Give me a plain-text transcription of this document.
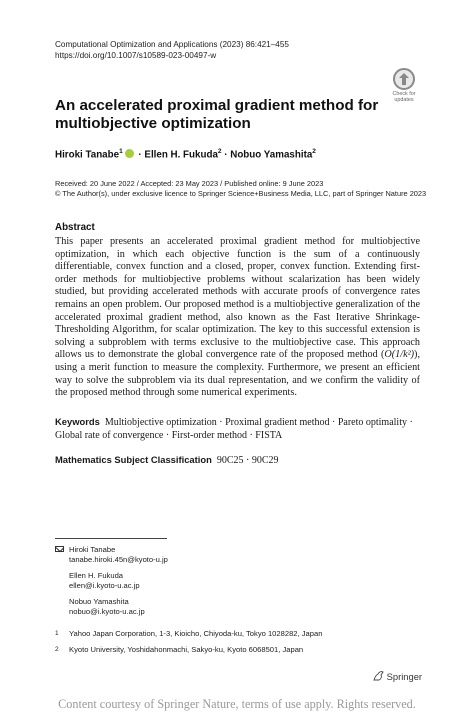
Computational Optimization and Applications (2023) 86:421–455
https://doi.org/10.1007/s10589-023-00497-w
Check for
updates
An accelerated proximal gradient method for multiobjective optimization
Hiroki Tanabe$^1$ · Ellen H. Fukuda$^2$ · Nobuo Yamashita$^2$
Received: 20 June 2022 / Accepted: 23 May 2023 / Published online: 9 June 2023
© The Author(s), under exclusive licence to Springer Science+Business Media, LLC, part of Springer Nature 2023
Abstract
This paper presents an accelerated proximal gradient method for multiobjective optimization, in which each objective function is the sum of a continuously differentiable, convex function and a closed, proper, convex function. Extending first-order methods for multiobjective problems without scalarization has been widely studied, but providing accelerated methods with accurate proofs of convergence rates remains an open problem. Our proposed method is a multiobjective generalization of the accelerated proximal gradient method, also known as the Fast Iterative Shrinkage-Thresholding Algorithm, for scalar optimization. The key to this successful extension is solving a subproblem with terms exclusive to the multiobjective case. This approach allows us to demonstrate the global convergence rate of the proposed method (O(1/k²)), using a merit function to measure the complexity. Furthermore, we present an efficient way to solve the subproblem via its dual representation, and we confirm the validity of the proposed method through some numerical experiments.
Keywords Multiobjective optimization · Proximal gradient method · Pareto optimality · Global rate of convergence · First-order method · FISTA
Mathematics Subject Classification 90C25 · 90C29
Hiroki Tanabe
tanabe.hiroki.45n@kyoto-u.jp
Ellen H. Fukuda
ellen@i.kyoto-u.ac.jp
Nobuo Yamashita
nobuo@i.kyoto-u.ac.jp
1 Yahoo Japan Corporation, 1-3, Kioicho, Chiyoda-ku, Tokyo 1028282, Japan
2 Kyoto University, Yoshidahonmachi, Sakyo-ku, Kyoto 6068501, Japan
Springer
Content courtesy of Springer Nature, terms of use apply. Rights reserved.
